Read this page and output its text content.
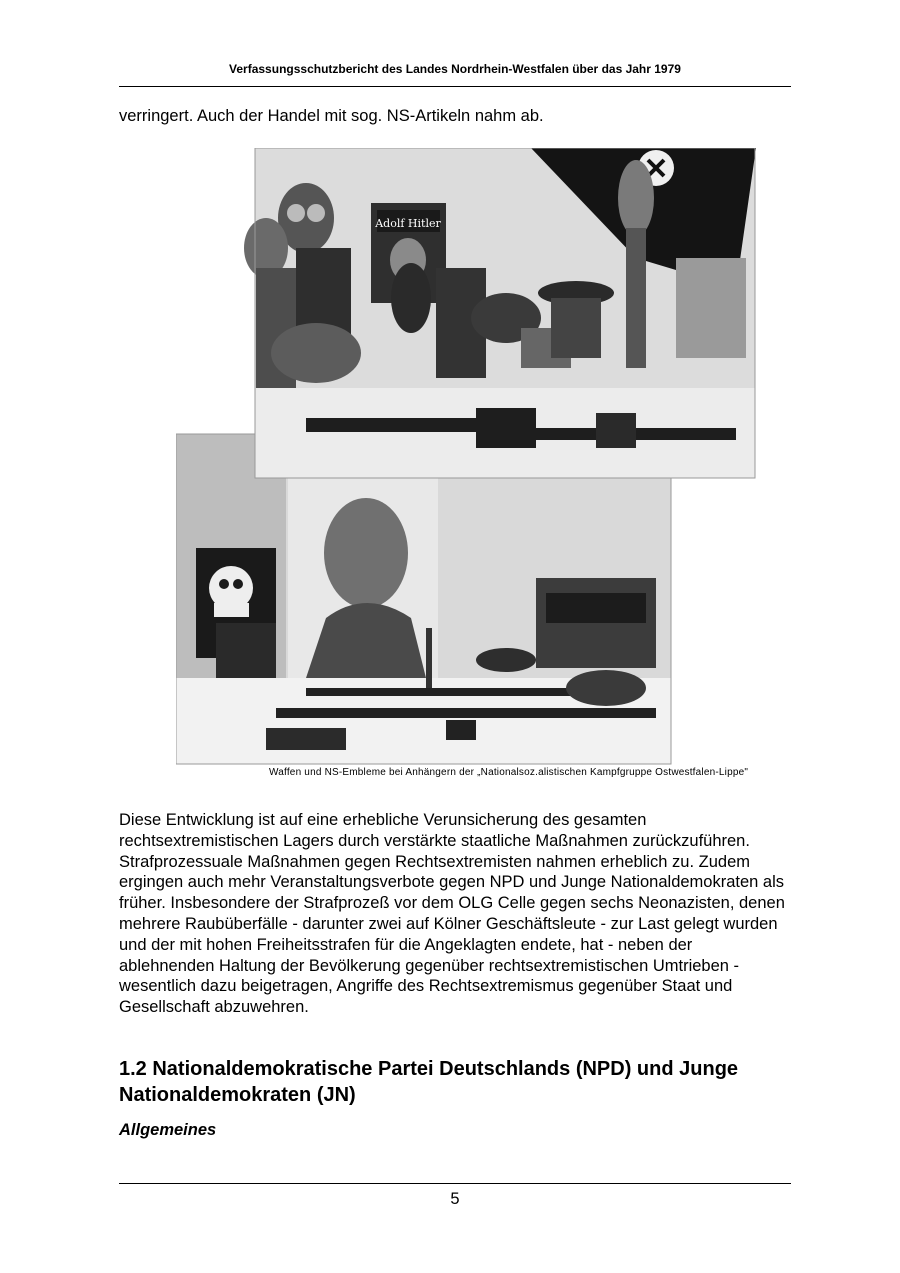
Verfassungsschutzbericht des Landes Nordrhein-Westfalen über das Jahr 1979
verringert. Auch der Handel mit sog. NS-Artikeln nahm ab.
Adolf Hitler
Waffen und NS-Embleme bei Anhängern der „Nationalsoz.alistischen Kampfgruppe Ostwestfalen-Lippe"
Diese Entwicklung ist auf eine erhebliche Verunsicherung des gesamten rechtsextremistischen Lagers durch verstärkte staatliche Maßnahmen zurückzuführen. Strafprozessuale Maßnahmen gegen Rechtsextremisten nahmen erheblich zu. Zudem ergingen auch mehr Veranstaltungsverbote gegen NPD und Junge Nationaldemokraten als früher. Insbesondere der Strafprozeß vor dem OLG Celle gegen sechs Neonazisten, denen mehrere Raubüberfälle - darunter zwei auf Kölner Geschäftsleute - zur Last gelegt wurden und der mit hohen Freiheitsstrafen für die Angeklagten endete, hat - neben der ablehnenden Haltung der Bevölkerung gegenüber rechtsextremistischen Umtrieben - wesentlich dazu beigetragen, Angriffe des Rechtsextremismus gegenüber Staat und Gesellschaft abzuwehren.
1.2 Nationaldemokratische Partei Deutschlands (NPD) und Junge Nationaldemokraten (JN)
Allgemeines
5
